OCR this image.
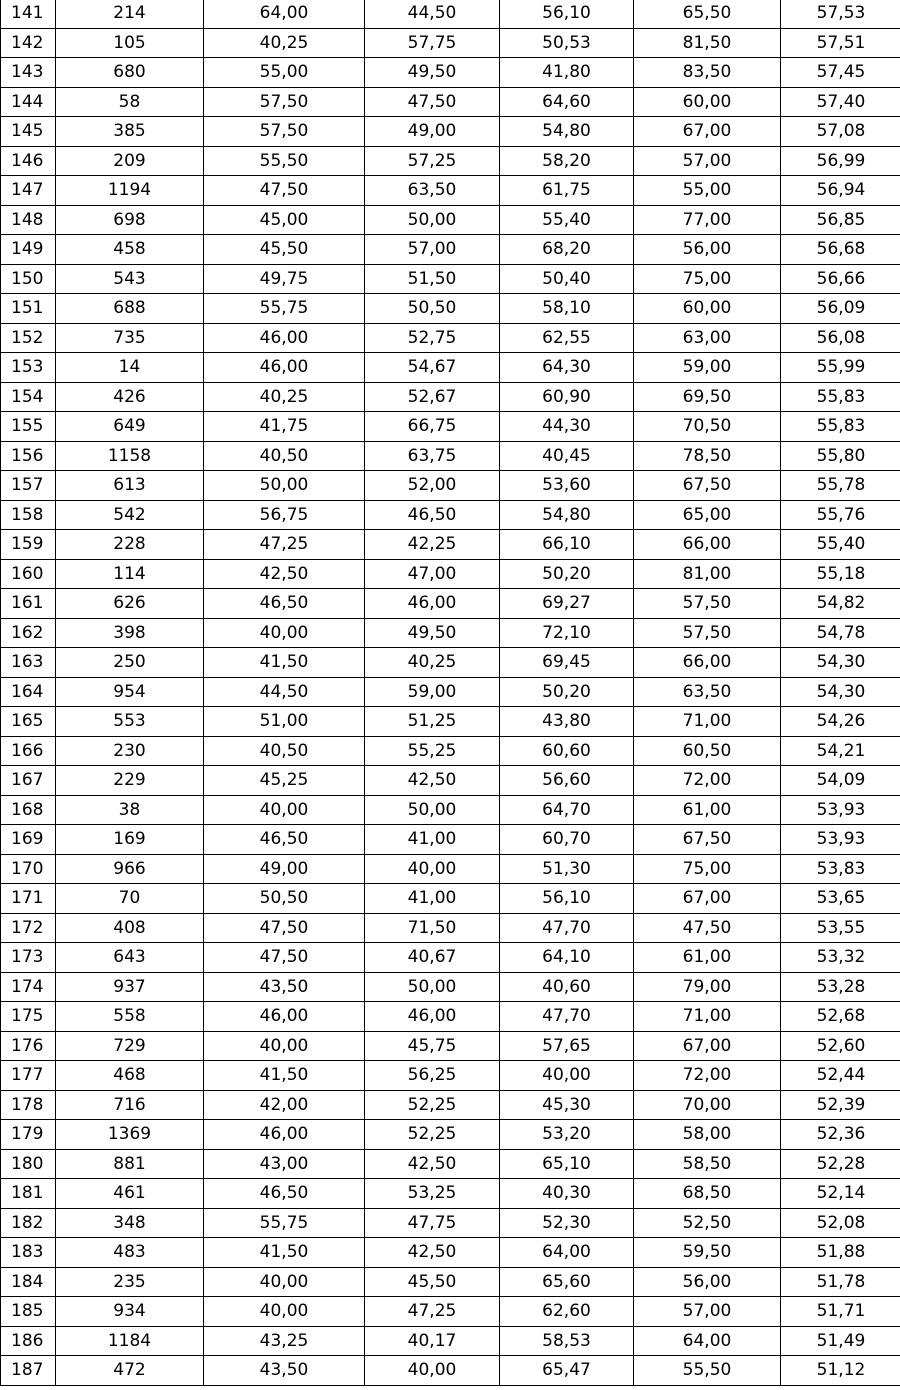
141	214	64,00	44,50	56,10	65,50	57,53
142	105	40,25	57,75	50,53	81,50	57,51
143	680	55,00	49,50	41,80	83,50	57,45
144	58	57,50	47,50	64,60	60,00	57,40
145	385	57,50	49,00	54,80	67,00	57,08
146	209	55,50	57,25	58,20	57,00	56,99
147	1194	47,50	63,50	61,75	55,00	56,94
148	698	45,00	50,00	55,40	77,00	56,85
149	458	45,50	57,00	68,20	56,00	56,68
150	543	49,75	51,50	50,40	75,00	56,66
151	688	55,75	50,50	58,10	60,00	56,09
152	735	46,00	52,75	62,55	63,00	56,08
153	14	46,00	54,67	64,30	59,00	55,99
154	426	40,25	52,67	60,90	69,50	55,83
155	649	41,75	66,75	44,30	70,50	55,83
156	1158	40,50	63,75	40,45	78,50	55,80
157	613	50,00	52,00	53,60	67,50	55,78
158	542	56,75	46,50	54,80	65,00	55,76
159	228	47,25	42,25	66,10	66,00	55,40
160	114	42,50	47,00	50,20	81,00	55,18
161	626	46,50	46,00	69,27	57,50	54,82
162	398	40,00	49,50	72,10	57,50	54,78
163	250	41,50	40,25	69,45	66,00	54,30
164	954	44,50	59,00	50,20	63,50	54,30
165	553	51,00	51,25	43,80	71,00	54,26
166	230	40,50	55,25	60,60	60,50	54,21
167	229	45,25	42,50	56,60	72,00	54,09
168	38	40,00	50,00	64,70	61,00	53,93
169	169	46,50	41,00	60,70	67,50	53,93
170	966	49,00	40,00	51,30	75,00	53,83
171	70	50,50	41,00	56,10	67,00	53,65
172	408	47,50	71,50	47,70	47,50	53,55
173	643	47,50	40,67	64,10	61,00	53,32
174	937	43,50	50,00	40,60	79,00	53,28
175	558	46,00	46,00	47,70	71,00	52,68
176	729	40,00	45,75	57,65	67,00	52,60
177	468	41,50	56,25	40,00	72,00	52,44
178	716	42,00	52,25	45,30	70,00	52,39
179	1369	46,00	52,25	53,20	58,00	52,36
180	881	43,00	42,50	65,10	58,50	52,28
181	461	46,50	53,25	40,30	68,50	52,14
182	348	55,75	47,75	52,30	52,50	52,08
183	483	41,50	42,50	64,00	59,50	51,88
184	235	40,00	45,50	65,60	56,00	51,78
185	934	40,00	47,25	62,60	57,00	51,71
186	1184	43,25	40,17	58,53	64,00	51,49
187	472	43,50	40,00	65,47	55,50	51,12
